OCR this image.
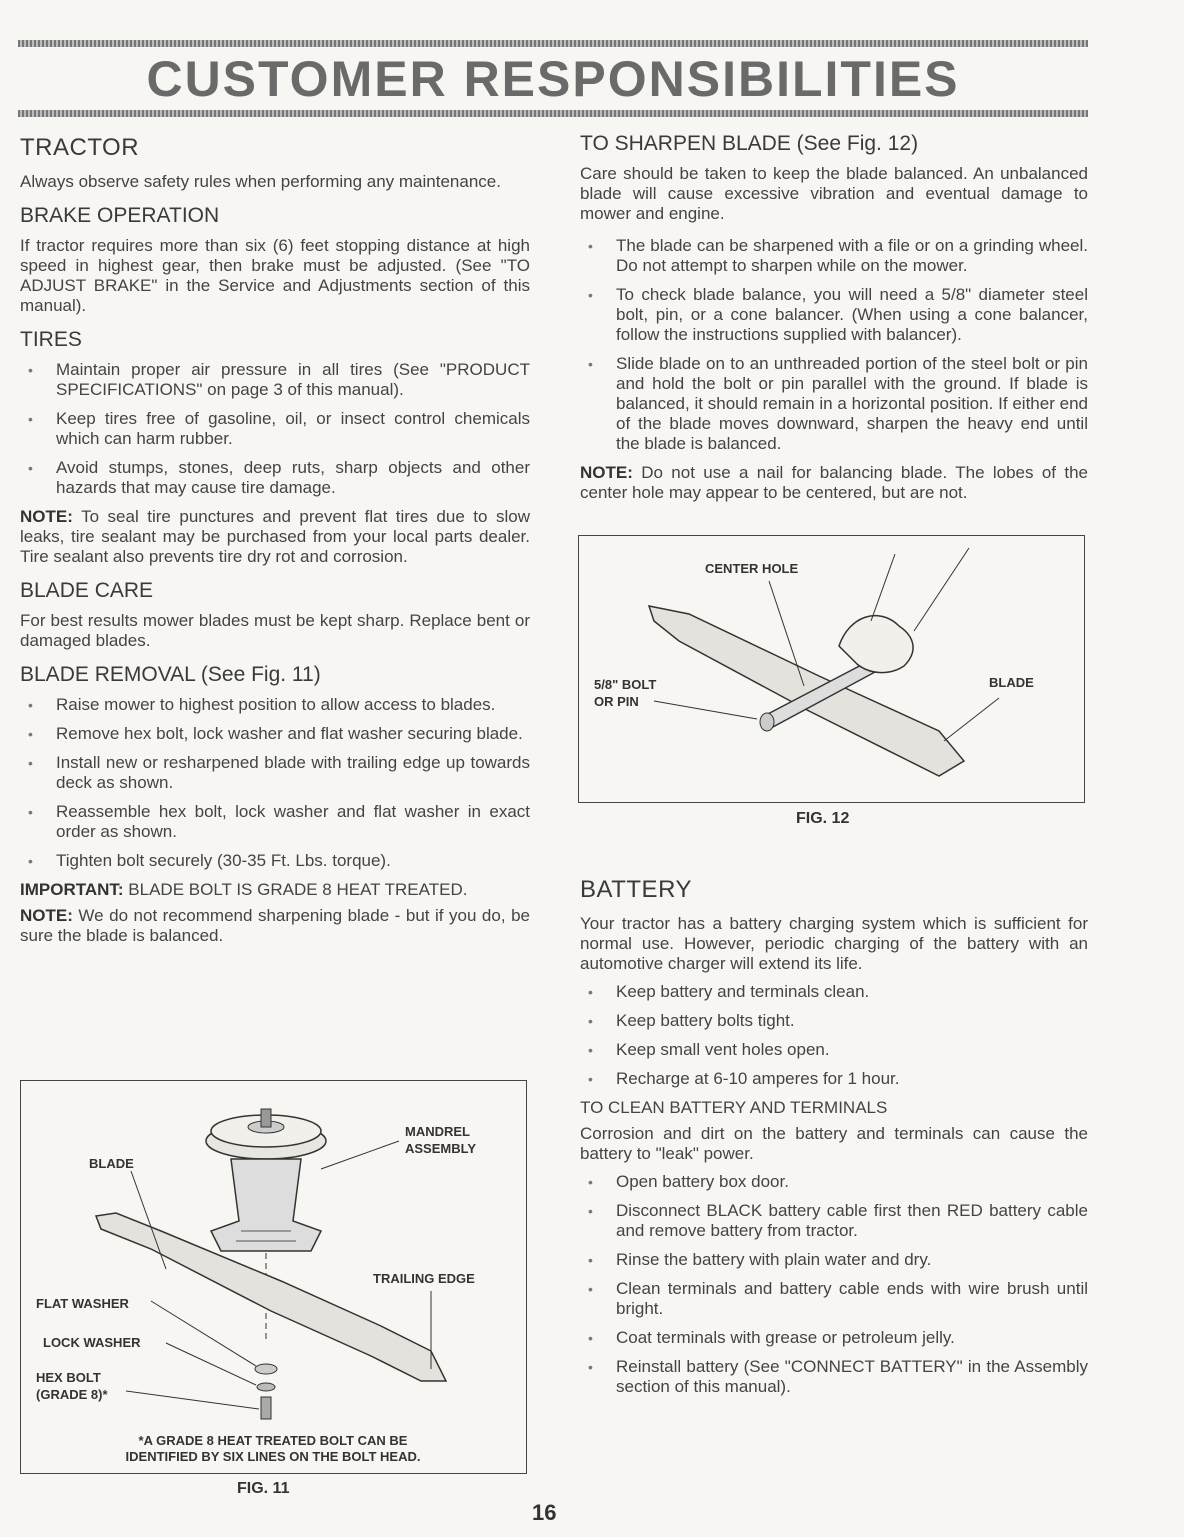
CUSTOMER RESPONSIBILITIES
TRACTOR

Always observe safety rules when performing any maintenance.

BRAKE OPERATION

If tractor requires more than six (6) feet stopping distance at high speed in highest gear, then brake must be adjusted. (See "TO ADJUST BRAKE" in the Service and Adjustments section of this manual).

TIRES
• Maintain proper air pressure in all tires (See "PRODUCT SPECIFICATIONS" on page 3 of this manual).
• Keep tires free of gasoline, oil, or insect control chemicals which can harm rubber.
• Avoid stumps, stones, deep ruts, sharp objects and other hazards that may cause tire damage.

NOTE: To seal tire punctures and prevent flat tires due to slow leaks, tire sealant may be purchased from your local parts dealer. Tire sealant also prevents tire dry rot and corrosion.

BLADE CARE

For best results mower blades must be kept sharp. Replace bent or damaged blades.

BLADE REMOVAL (See Fig. 11)
• Raise mower to highest position to allow access to blades.
• Remove hex bolt, lock washer and flat washer securing blade.
• Install new or resharpened blade with trailing edge up towards deck as shown.
• Reassemble hex bolt, lock washer and flat washer in exact order as shown.
• Tighten bolt securely (30-35 Ft. Lbs. torque).

IMPORTANT: BLADE BOLT IS GRADE 8 HEAT TREATED.

NOTE: We do not recommend sharpening blade - but if you do, be sure the blade is balanced.

MANDREL
ASSEMBLY
BLADE
TRAILING EDGE
FLAT WASHER
LOCK WASHER
HEX BOLT
(GRADE 8)*
*A GRADE 8 HEAT TREATED BOLT CAN BE
IDENTIFIED BY SIX LINES ON THE BOLT HEAD.
FIG. 11
TO SHARPEN BLADE (See Fig. 12)

Care should be taken to keep the blade balanced. An unbalanced blade will cause excessive vibration and eventual damage to mower and engine.

• The blade can be sharpened with a file or on a grinding wheel. Do not attempt to sharpen while on the mower.
• To check blade balance, you will need a 5/8" diameter steel bolt, pin, or a cone balancer. (When using a cone balancer, follow the instructions supplied with balancer).
• Slide blade on to an unthreaded portion of the steel bolt or pin and hold the bolt or pin parallel with the ground. If blade is balanced, it should remain in a horizontal position. If either end of the blade moves downward, sharpen the heavy end until the blade is balanced.

NOTE: Do not use a nail for balancing blade. The lobes of the center hole may appear to be centered, but are not.

CENTER HOLE
5/8" BOLT
OR PIN
BLADE
FIG. 12
BATTERY

Your tractor has a battery charging system which is sufficient for normal use. However, periodic charging of the battery with an automotive charger will extend its life.

• Keep battery and terminals clean.
• Keep battery bolts tight.
• Keep small vent holes open.
• Recharge at 6-10 amperes for 1 hour.

TO CLEAN BATTERY AND TERMINALS

Corrosion and dirt on the battery and terminals can cause the battery to "leak" power.

• Open battery box door.
• Disconnect BLACK battery cable first then RED battery cable and remove battery from tractor.
• Rinse the battery with plain water and dry.
• Clean terminals and battery cable ends with wire brush until bright.
• Coat terminals with grease or petroleum jelly.
• Reinstall battery (See "CONNECT BATTERY" in the Assembly section of this manual).
16
